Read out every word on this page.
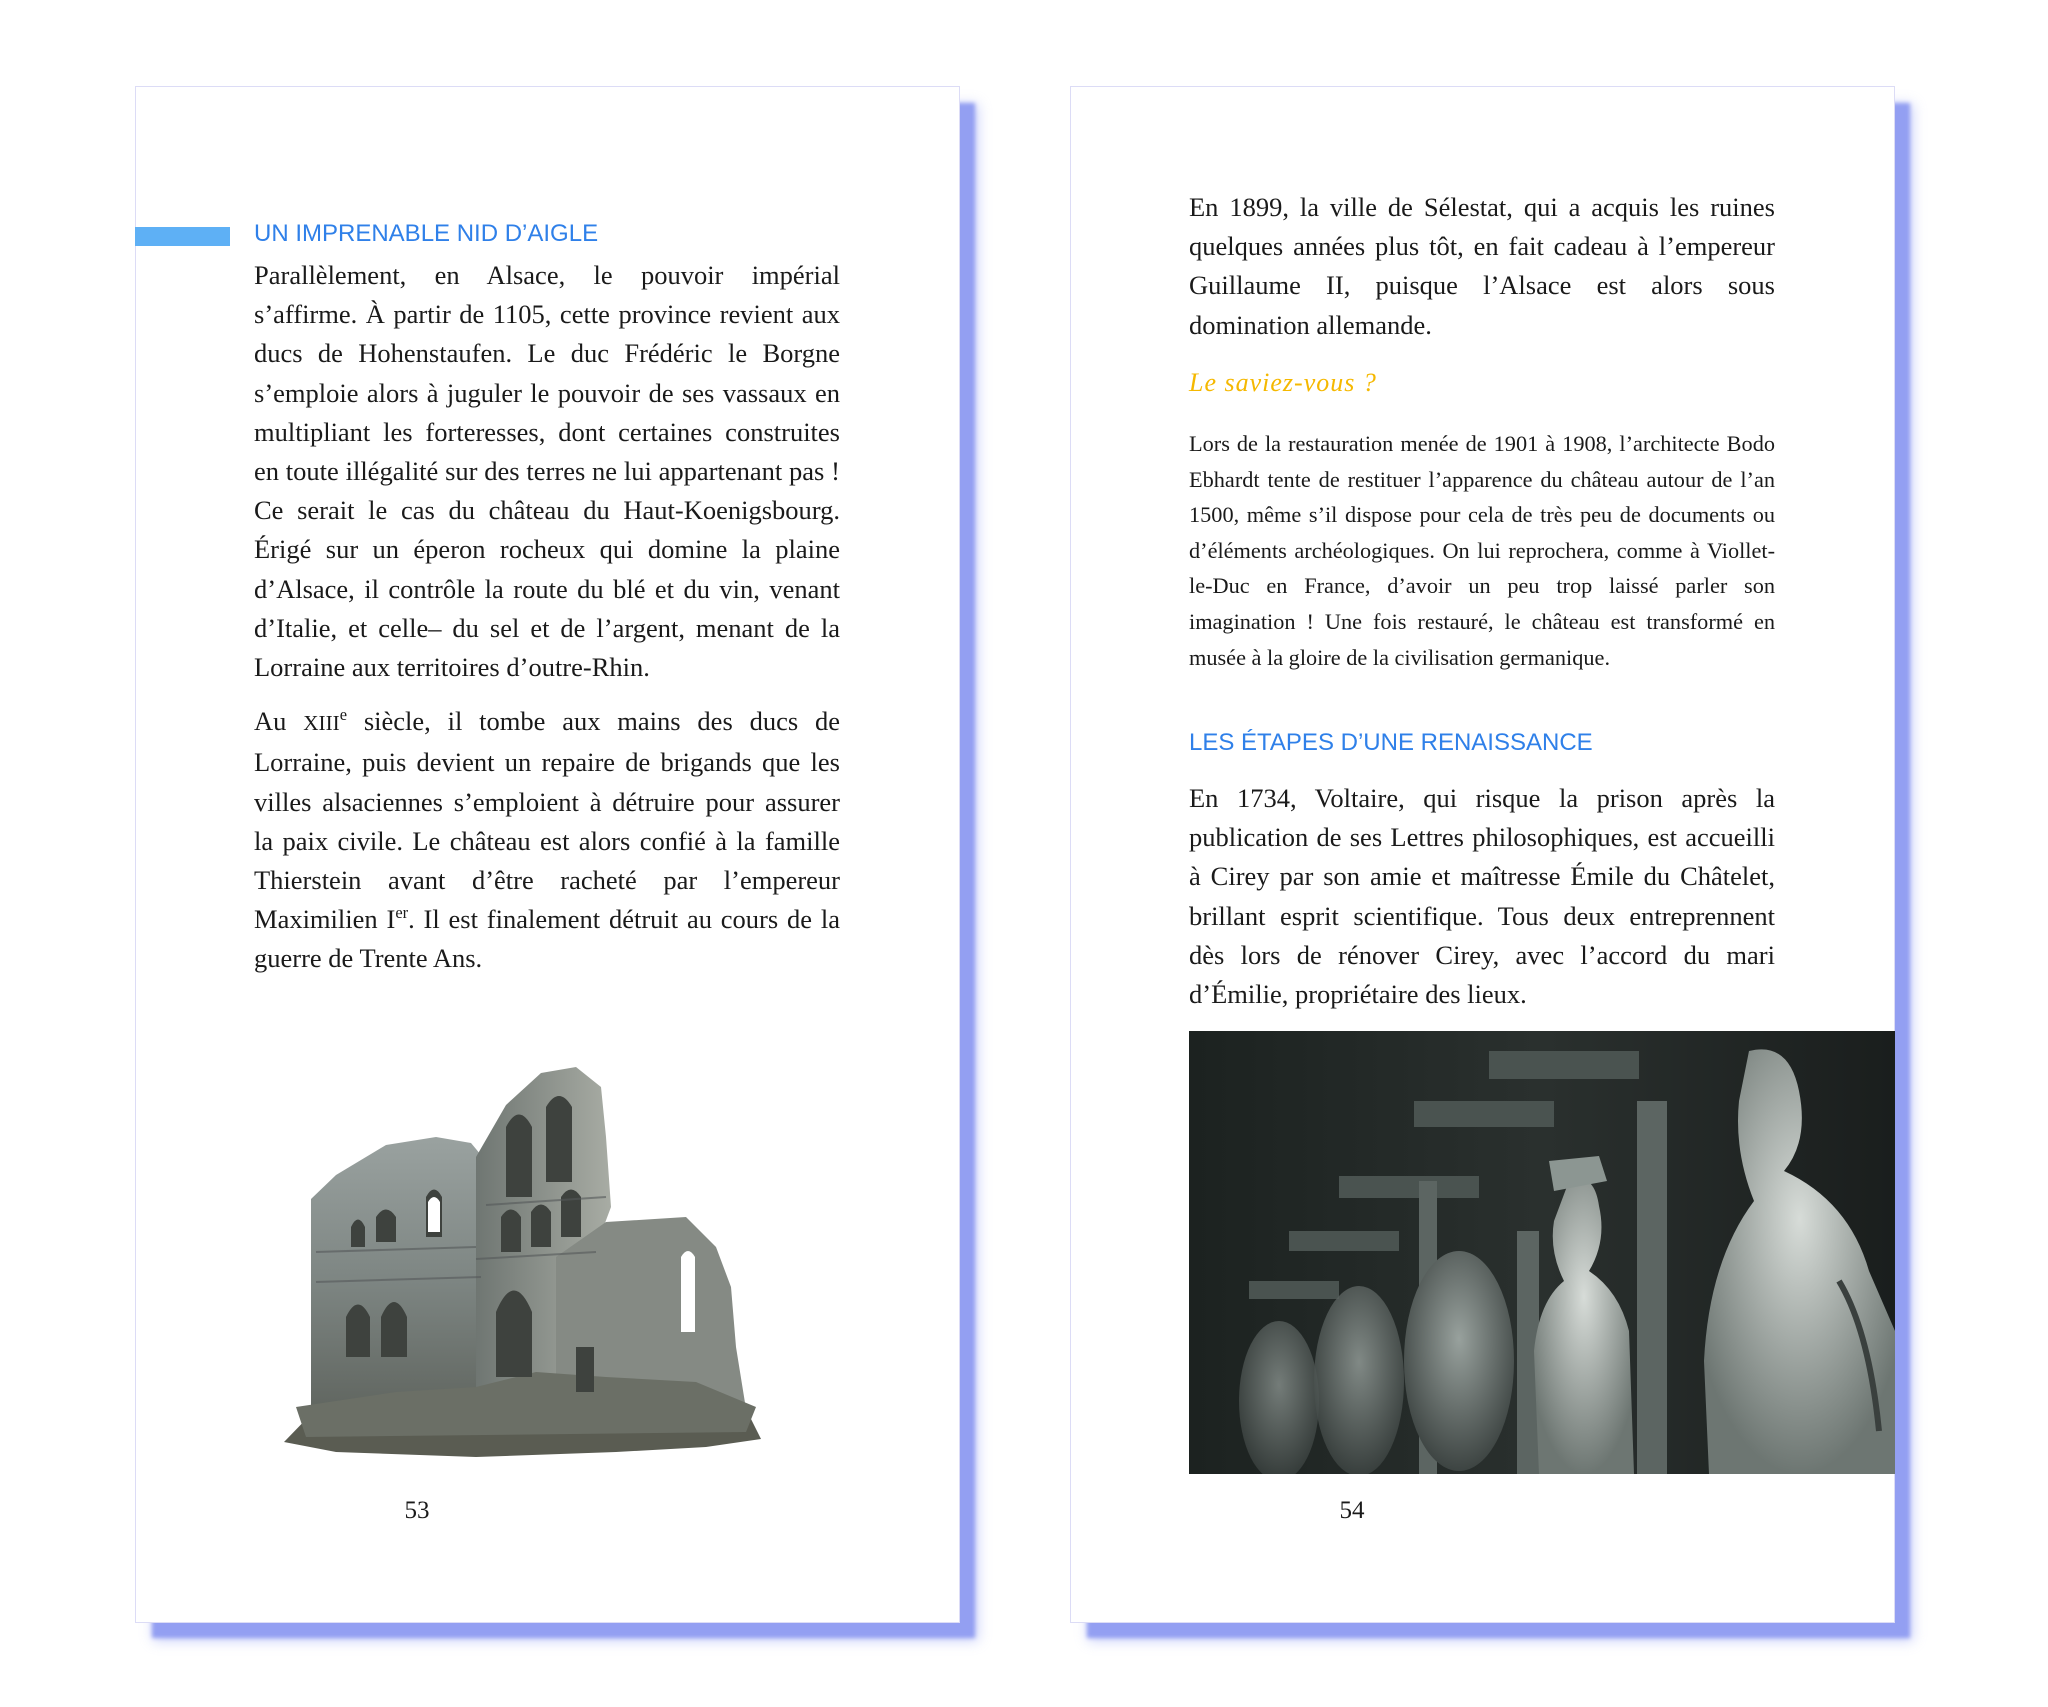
UN IMPRENABLE NID D’AIGLE

Parallèlement, en Alsace, le pouvoir impérial s’affirme. À partir de 1105, cette province revient aux ducs de Hohenstaufen. Le duc Frédéric le Borgne s’emploie alors à juguler le pouvoir de ses vassaux en multipliant les forteresses, dont certaines construites en toute illégalité sur des terres ne lui appartenant pas ! Ce serait le cas du château du Haut-Koenigsbourg. Érigé sur un éperon rocheux qui domine la plaine d’Alsace, il contrôle la route du blé et du vin, venant d’Italie, et celle– du sel et de l’argent, menant de la Lorraine aux territoires d’outre-Rhin.

Au XIIIe siècle, il tombe aux mains des ducs de Lorraine, puis devient un repaire de brigands que les villes alsaciennes s’emploient à détruire pour assurer la paix civile. Le château est alors confié à la famille Thierstein avant d’être racheté par l’empereur Maximilien Ier. Il est finalement détruit au cours de la guerre de Trente Ans.

53
En 1899, la ville de Sélestat, qui a acquis les ruines quelques années plus tôt, en fait cadeau à l’empereur Guillaume II, puisque l’Alsace est alors sous domination allemande.
Le saviez-vous ?
Lors de la restauration menée de 1901 à 1908, l’architecte Bodo Ebhardt tente de restituer l’apparence du château autour de l’an 1500, même s’il dispose pour cela de très peu de documents ou d’éléments archéologiques. On lui reprochera, comme à Viollet-le-Duc en France, d’avoir un peu trop laissé parler son imagination ! Une fois restauré, le château est transformé en musée à la gloire de la civilisation germanique.
LES ÉTAPES D’UNE RENAISSANCE
En 1734, Voltaire, qui risque la prison après la publication de ses Lettres philosophiques, est accueilli à Cirey par son amie et maîtresse Émile du Châtelet, brillant esprit scientifique. Tous deux entreprennent dès lors de rénover Cirey, avec l’accord du mari d’Émilie, propriétaire des lieux.
54
